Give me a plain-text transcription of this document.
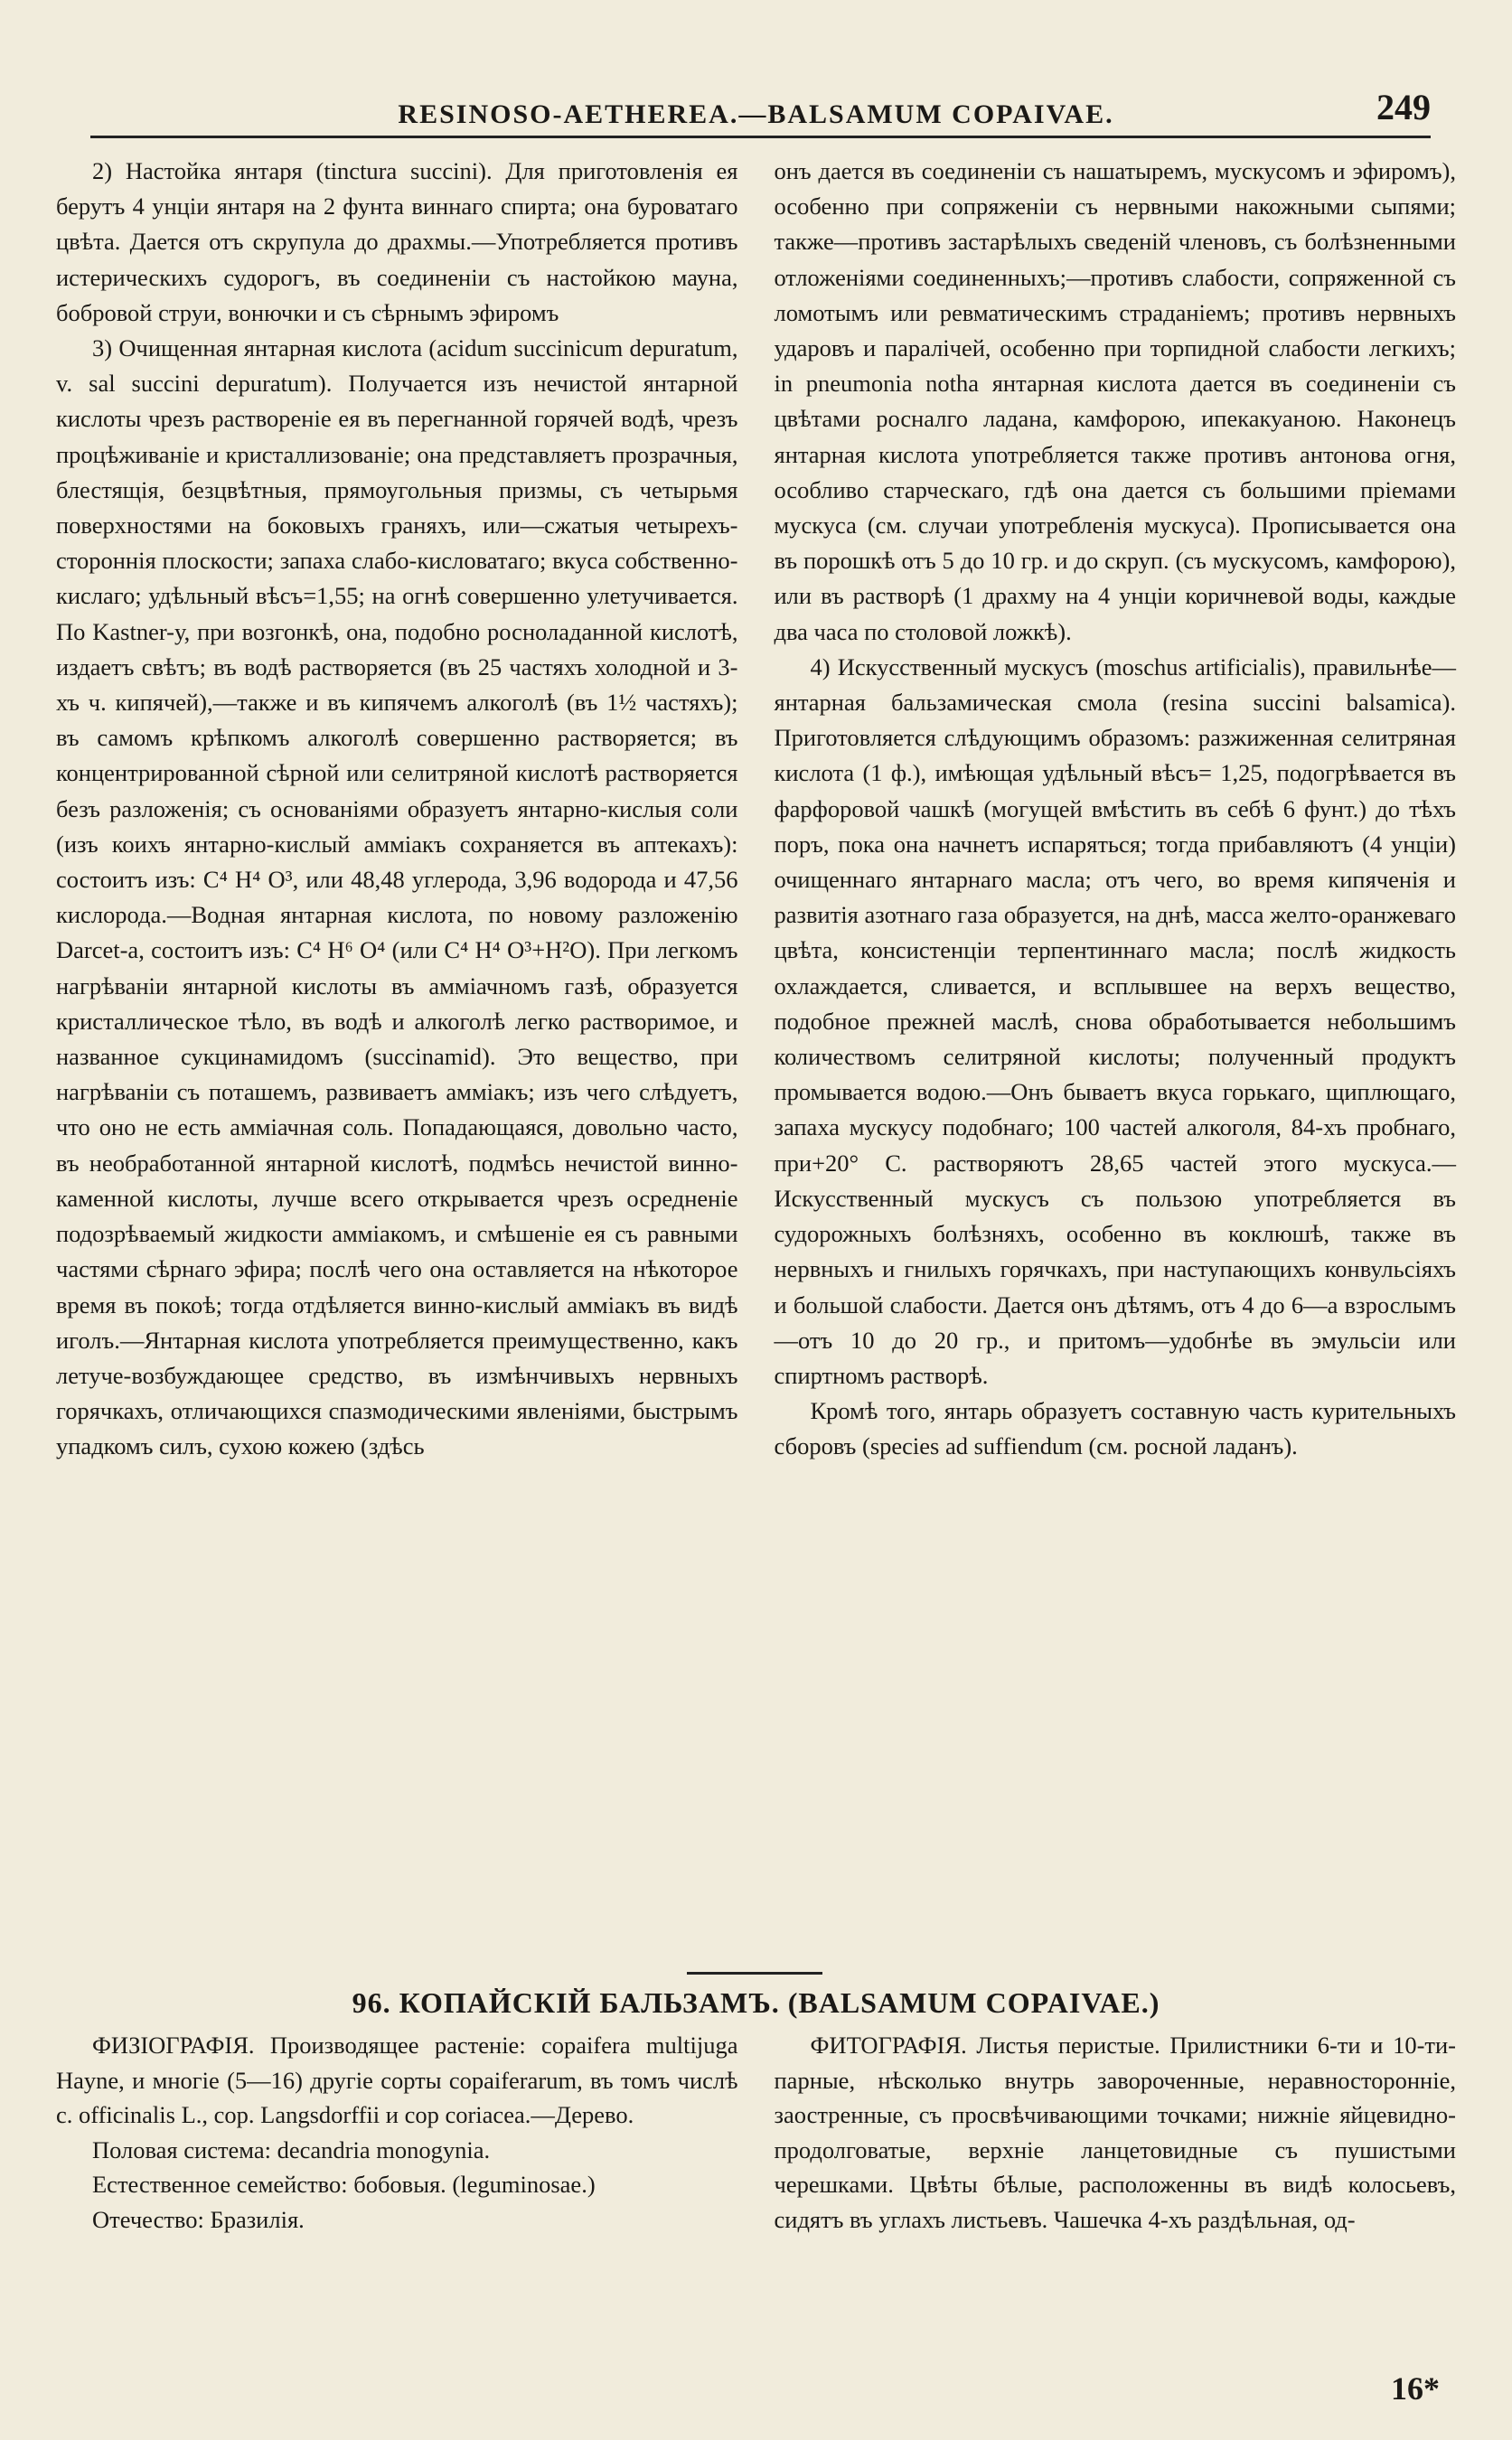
RESINOSO-AETHEREA.—BALSAMUM COPAIVAE.	249

2) Настойка янтаря (tinctura succini). Для приготовленія ея берутъ 4 унціи янтаря на 2 фунта виннаго спирта; она буроватаго цвѣта. Дается отъ скрупула до драхмы.—Употребляется противъ истерическихъ судорогъ, въ соединеніи съ настойкою мауна, бобровой струи, вонючки и съ сѣрнымъ эфиромъ

3) Очищенная янтарная кислота (acidum succinicum depuratum, v. sal succini depuratum). Получается изъ нечистой янтарной кислоты чрезъ раствореніе ея въ перегнанной горячей водѣ, чрезъ процѣживаніе и кристаллизованіе; она представляетъ прозрачныя, блестящія, безцвѣтныя, прямоугольныя призмы, съ четырьмя поверхностями на боковыхъ граняхъ, или—сжатыя четырехъ-стороннія плоскости; запаха слабо-кисловатаго; вкуса собственно-кислаго; удѣльный вѣсъ=1,55; на огнѣ совершенно улетучивается. По Kastner-у, при возгонкѣ, она, подобно росноладанной кислотѣ, издаетъ свѣтъ; въ водѣ растворяется (въ 25 частяхъ холодной и 3-хъ ч. кипячей),—также и въ кипячемъ алкоголѣ (въ 1½ частяхъ); въ самомъ крѣпкомъ алкоголѣ совершенно растворяется; въ концентрированной сѣрной или селитряной кислотѣ растворяется безъ разложенія; съ основаніями образуетъ янтарно-кислыя соли (изъ коихъ янтарно-кислый амміакъ сохраняется въ аптекахъ): состоитъ изъ: C⁴ H⁴ O³, или 48,48 углерода, 3,96 водорода и 47,56 кислорода.—Водная янтарная кислота, по новому разложенію Darcet-a, состоитъ изъ: C⁴ H⁶ O⁴ (или C⁴ H⁴ O³+H²O). При легкомъ нагрѣваніи янтарной кислоты въ амміачномъ газѣ, образуется кристаллическое тѣло, въ водѣ и алкоголѣ легко растворимое, и названное сукцинамидомъ (succinamid). Это вещество, при нагрѣваніи съ поташемъ, развиваетъ амміакъ; изъ чего слѣдуетъ, что оно не есть амміачная соль. Попадающаяся, довольно часто, въ необработанной янтарной кислотѣ, подмѣсь нечистой винно-каменной кислоты, лучше всего открывается чрезъ осредненіе подозрѣваемый жидкости амміакомъ, и смѣшеніе ея съ равными частями сѣрнаго эфира; послѣ чего она оставляется на нѣкоторое время въ покоѣ; тогда отдѣляется винно-кислый амміакъ въ видѣ иголъ.—Янтарная кислота употребляется преимущественно, какъ летуче-возбуждающее средство, въ измѣнчивыхъ нервныхъ горячкахъ, отличающихся спазмодическими явленіями, быстрымъ упадкомъ силъ, сухою кожею (здѣсь

онъ дается въ соединеніи съ нашатыремъ, мускусомъ и эфиромъ), особенно при сопряженіи съ нервными накожными сыпями; также—противъ застарѣлыхъ сведеній членовъ, съ болѣзненными отложеніями соединенныхъ;—противъ слабости, сопряженной съ ломотымъ или ревматическимъ страданіемъ; противъ нервныхъ ударовъ и паралічей, особенно при торпидной слабости легкихъ; in pneumonia notha янтарная кислота дается въ соединеніи съ цвѣтами росналго ладана, камфорою, ипекакуаною. Наконецъ янтарная кислота употребляется также противъ антонова огня, особливо старческаго, гдѣ она дается съ большими пріемами мускуса (см. случаи употребленія мускуса). Прописывается она въ порошкѣ отъ 5 до 10 гр. и до скруп. (съ мускусомъ, камфорою), или въ растворѣ (1 драхму на 4 унціи коричневой воды, каждые два часа по столовой ложкѣ).

4) Искусственный мускусъ (moschus artificialis), правильнѣе—янтарная бальзамическая смола (resina succini balsamica). Приготовляется слѣдующимъ образомъ: разжиженная селитряная кислота (1 ф.), имѣющая удѣльный вѣсъ= 1,25, подогрѣвается въ фарфоровой чашкѣ (могущей вмѣстить въ себѣ 6 фунт.) до тѣхъ поръ, пока она начнетъ испаряться; тогда прибавляютъ (4 унціи) очищеннаго янтарнаго масла; отъ чего, во время кипяченія и развитія азотнаго газа образуется, на днѣ, масса желто-оранжеваго цвѣта, консистенціи терпентиннаго масла; послѣ жидкость охлаждается, сливается, и всплывшее на верхъ вещество, подобное прежней маслѣ, снова обработывается небольшимъ количествомъ селитряной кислоты; полученный продуктъ промывается водою.—Онъ бываетъ вкуса горькаго, щиплющаго, запаха мускусу подобнаго; 100 частей алкоголя, 84-хъ пробнаго, при+20° С. растворяютъ 28,65 частей этого мускуса.—Искусственный мускусъ съ пользою употребляется въ судорожныхъ болѣзняхъ, особенно въ коклюшѣ, также въ нервныхъ и гнилыхъ горячкахъ, при наступающихъ конвульсіяхъ и большой слабости. Дается онъ дѣтямъ, отъ 4 до 6—а взрослымъ—отъ 10 до 20 гр., и притомъ—удобнѣе въ эмульсіи или спиртномъ растворѣ.

Кромѣ того, янтарь образуетъ составную часть курительныхъ сборовъ (species ad suffiendum (см. росной ладанъ).

96. КОПАЙСКІЙ БАЛЬЗАМЪ. (BALSAMUM COPAIVAE.)

ФИЗІОГРАФІЯ. Производящее растеніе: copaifera multijuga Hayne, и многіе (5—16) другіе сорты copaiferarum, въ томъ числѣ c. officinalis L., cop. Langsdorffii и cop coriacea.—Дерево.

Половая система: decandria monogynia.

Естественное семейство: бобовыя. (leguminosae.)

Отечество: Бразилія.

ФИТОГРАФІЯ. Листья перистые. Прилистники 6-ти и 10-ти-парные, нѣсколько внутрь завороченные, неравностороннiе, заостренные, съ просвѣчивающими точками; нижніе яйцевидно-продолговатые, верхніе ланцетовидные съ пушистыми черешками. Цвѣты бѣлые, расположенны въ видѣ колосьевъ, сидятъ въ углахъ листьевъ. Чашечка 4-хъ раздѣльная, од-

16*
